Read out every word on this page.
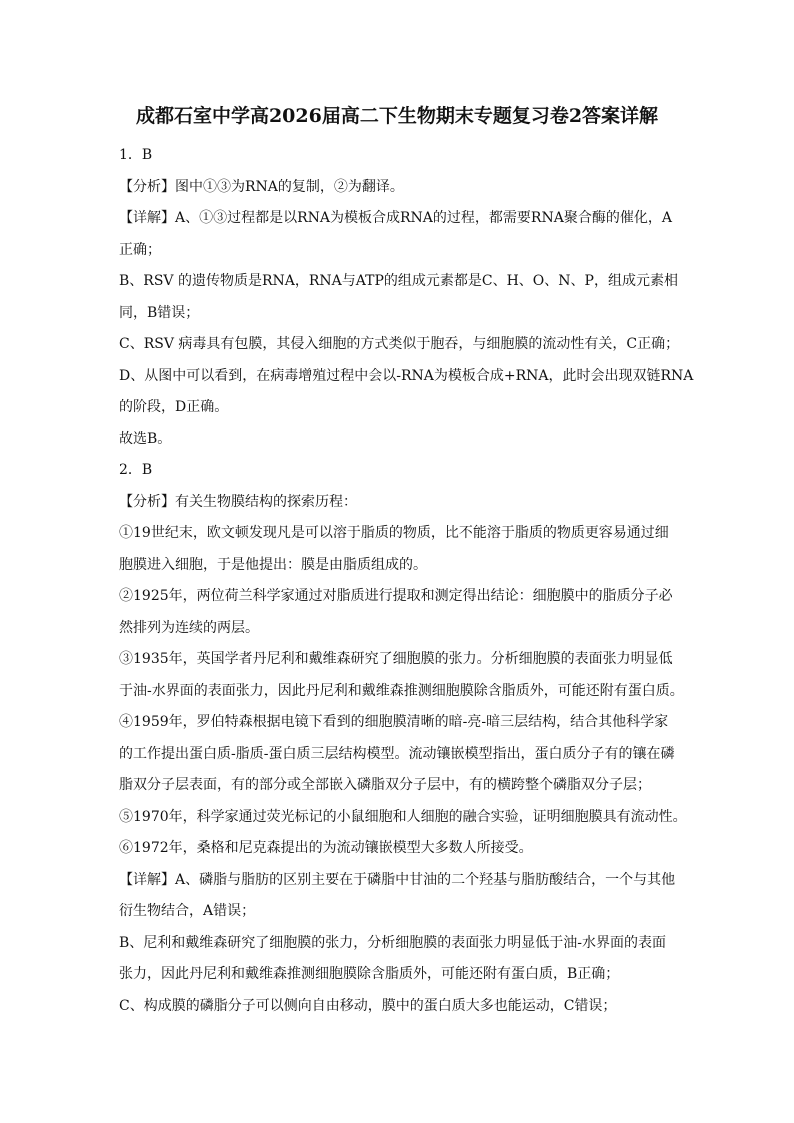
成都石室中学高2026届高二下生物期末专题复习卷2答案详解
1．B
【分析】图中①③为RNA的复制，②为翻译。
【详解】A、①③过程都是以RNA为模板合成RNA的过程，都需要RNA聚合酶的催化，A
正确；
B、RSV 的遗传物质是RNA，RNA与ATP的组成元素都是C、H、O、N、P，组成元素相
同，B错误；
C、RSV 病毒具有包膜，其侵入细胞的方式类似于胞吞，与细胞膜的流动性有关，C正确；
D、从图中可以看到，在病毒增殖过程中会以-RNA为模板合成+RNA，此时会出现双链RNA
的阶段，D正确。
故选B。
2．B
【分析】有关生物膜结构的探索历程：
①19世纪末，欧文顿发现凡是可以溶于脂质的物质，比不能溶于脂质的物质更容易通过细
胞膜进入细胞，于是他提出：膜是由脂质组成的。
②1925年，两位荷兰科学家通过对脂质进行提取和测定得出结论：细胞膜中的脂质分子必
然排列为连续的两层。
③1935年，英国学者丹尼利和戴维森研究了细胞膜的张力。分析细胞膜的表面张力明显低
于油-水界面的表面张力，因此丹尼利和戴维森推测细胞膜除含脂质外，可能还附有蛋白质。
④1959年，罗伯特森根据电镜下看到的细胞膜清晰的暗-亮-暗三层结构，结合其他科学家
的工作提出蛋白质-脂质-蛋白质三层结构模型。流动镶嵌模型指出，蛋白质分子有的镶在磷
脂双分子层表面，有的部分或全部嵌入磷脂双分子层中，有的横跨整个磷脂双分子层；
⑤1970年，科学家通过荧光标记的小鼠细胞和人细胞的融合实验，证明细胞膜具有流动性。
⑥1972年，桑格和尼克森提出的为流动镶嵌模型大多数人所接受。
【详解】A、磷脂与脂肪的区别主要在于磷脂中甘油的二个羟基与脂肪酸结合，一个与其他
衍生物结合，A错误；
B、尼利和戴维森研究了细胞膜的张力，分析细胞膜的表面张力明显低于油-水界面的表面
张力，因此丹尼利和戴维森推测细胞膜除含脂质外，可能还附有蛋白质，B正确；
C、构成膜的磷脂分子可以侧向自由移动，膜中的蛋白质大多也能运动，C错误；
